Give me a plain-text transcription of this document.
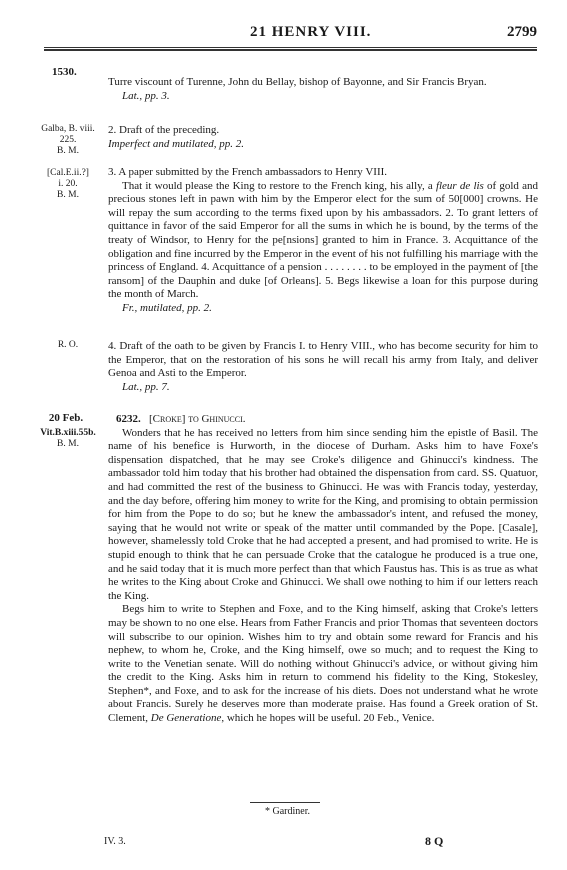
21 HENRY VIII.	2799
1530.

Turre viscount of Turenne, John du Bellay, bishop of Bayonne, and Sir Francis Bryan.

Lat., pp. 3.

Galba, B. viii.
225.
B. M.

2. Draft of the preceding.

Imperfect and mutilated, pp. 2.

[Cal.E.ii.?]
i. 20.
B. M.

3. A paper submitted by the French ambassadors to Henry VIII.

That it would please the King to restore to the French king, his ally, a fleur de lis of gold and precious stones left in pawn with him by the Emperor elect for the sum of 50[000] crowns. He will repay the sum according to the terms fixed upon by his ambassadors. 2. To grant letters of quittance in favor of the said Emperor for all the sums in which he is bound, by the terms of the treaty of Windsor, to Henry for the pe[nsions] granted to him in France. 3. Acquittance of the obligation and fine incurred by the Emperor in the event of his not fulfilling his marriage with the princess of England. 4. Acquittance of a pension . . . . . . . . to be employed in the payment of [the ransom] of the Dauphin and duke [of Orleans]. 5. Begs likewise a loan for this purpose during the month of March.

Fr., mutilated, pp. 2.

R. O.	4. Draft of the oath to be given by Francis I. to Henry VIII., who has become security for him to the Emperor, that on the restoration of his sons he will recall his army from Italy, and deliver Genoa and Asti to the Emperor.

Lat., pp. 7.

20 Feb.
Vit.B.xiii.55b.
B. M.

6232. [Croke] to Ghinucci.

Wonders that he has received no letters from him since sending him the epistle of Basil. The name of his benefice is Hurworth, in the diocese of Durham. Asks him to have Foxe's dispensation dispatched, that he may see Croke's diligence and Ghinucci's kindness. The ambassador told him today that his brother had obtained the dispensation from card. SS. Quatuor, and had committed the rest of the business to Ghinucci. He was with Francis today, yesterday, and the day before, offering him money to write for the King, and promising to obtain permission for him from the Pope to do so; but he knew the ambassador's intent, and refused the money, saying that he would not write or speak of the matter until commanded by the Pope. [Casale], however, shamelessly told Croke that he had accepted a present, and had promised to write. He is stupid enough to think that he can persuade Croke that the catalogue he produced is a true one, and he said today that it is much more perfect than that which Faustus has. This is as true as what he writes to the King about Croke and Ghinucci. We shall owe nothing to him if our letters reach the King.

Begs him to write to Stephen and Foxe, and to the King himself, asking that Croke's letters may be shown to no one else. Hears from Father Francis and prior Thomas that seventeen doctors will subscribe to our opinion. Wishes him to try and obtain some reward for Francis and his nephew, to whom he, Croke, and the King himself, owe so much; and to request the King to write to the Venetian senate. Will do nothing without Ghinucci's advice, or without giving him the credit to the King. Asks him in return to commend his fidelity to the King, Stokesley, Stephen*, and Foxe, and to ask for the increase of his diets. Does not understand what he wrote about Francis. Surely he deserves more than moderate praise. Has found a Greek oration of St. Clement, De Generatione, which he hopes will be useful. 20 Feb., Venice.

* Gardiner.
IV. 3.	8 Q
